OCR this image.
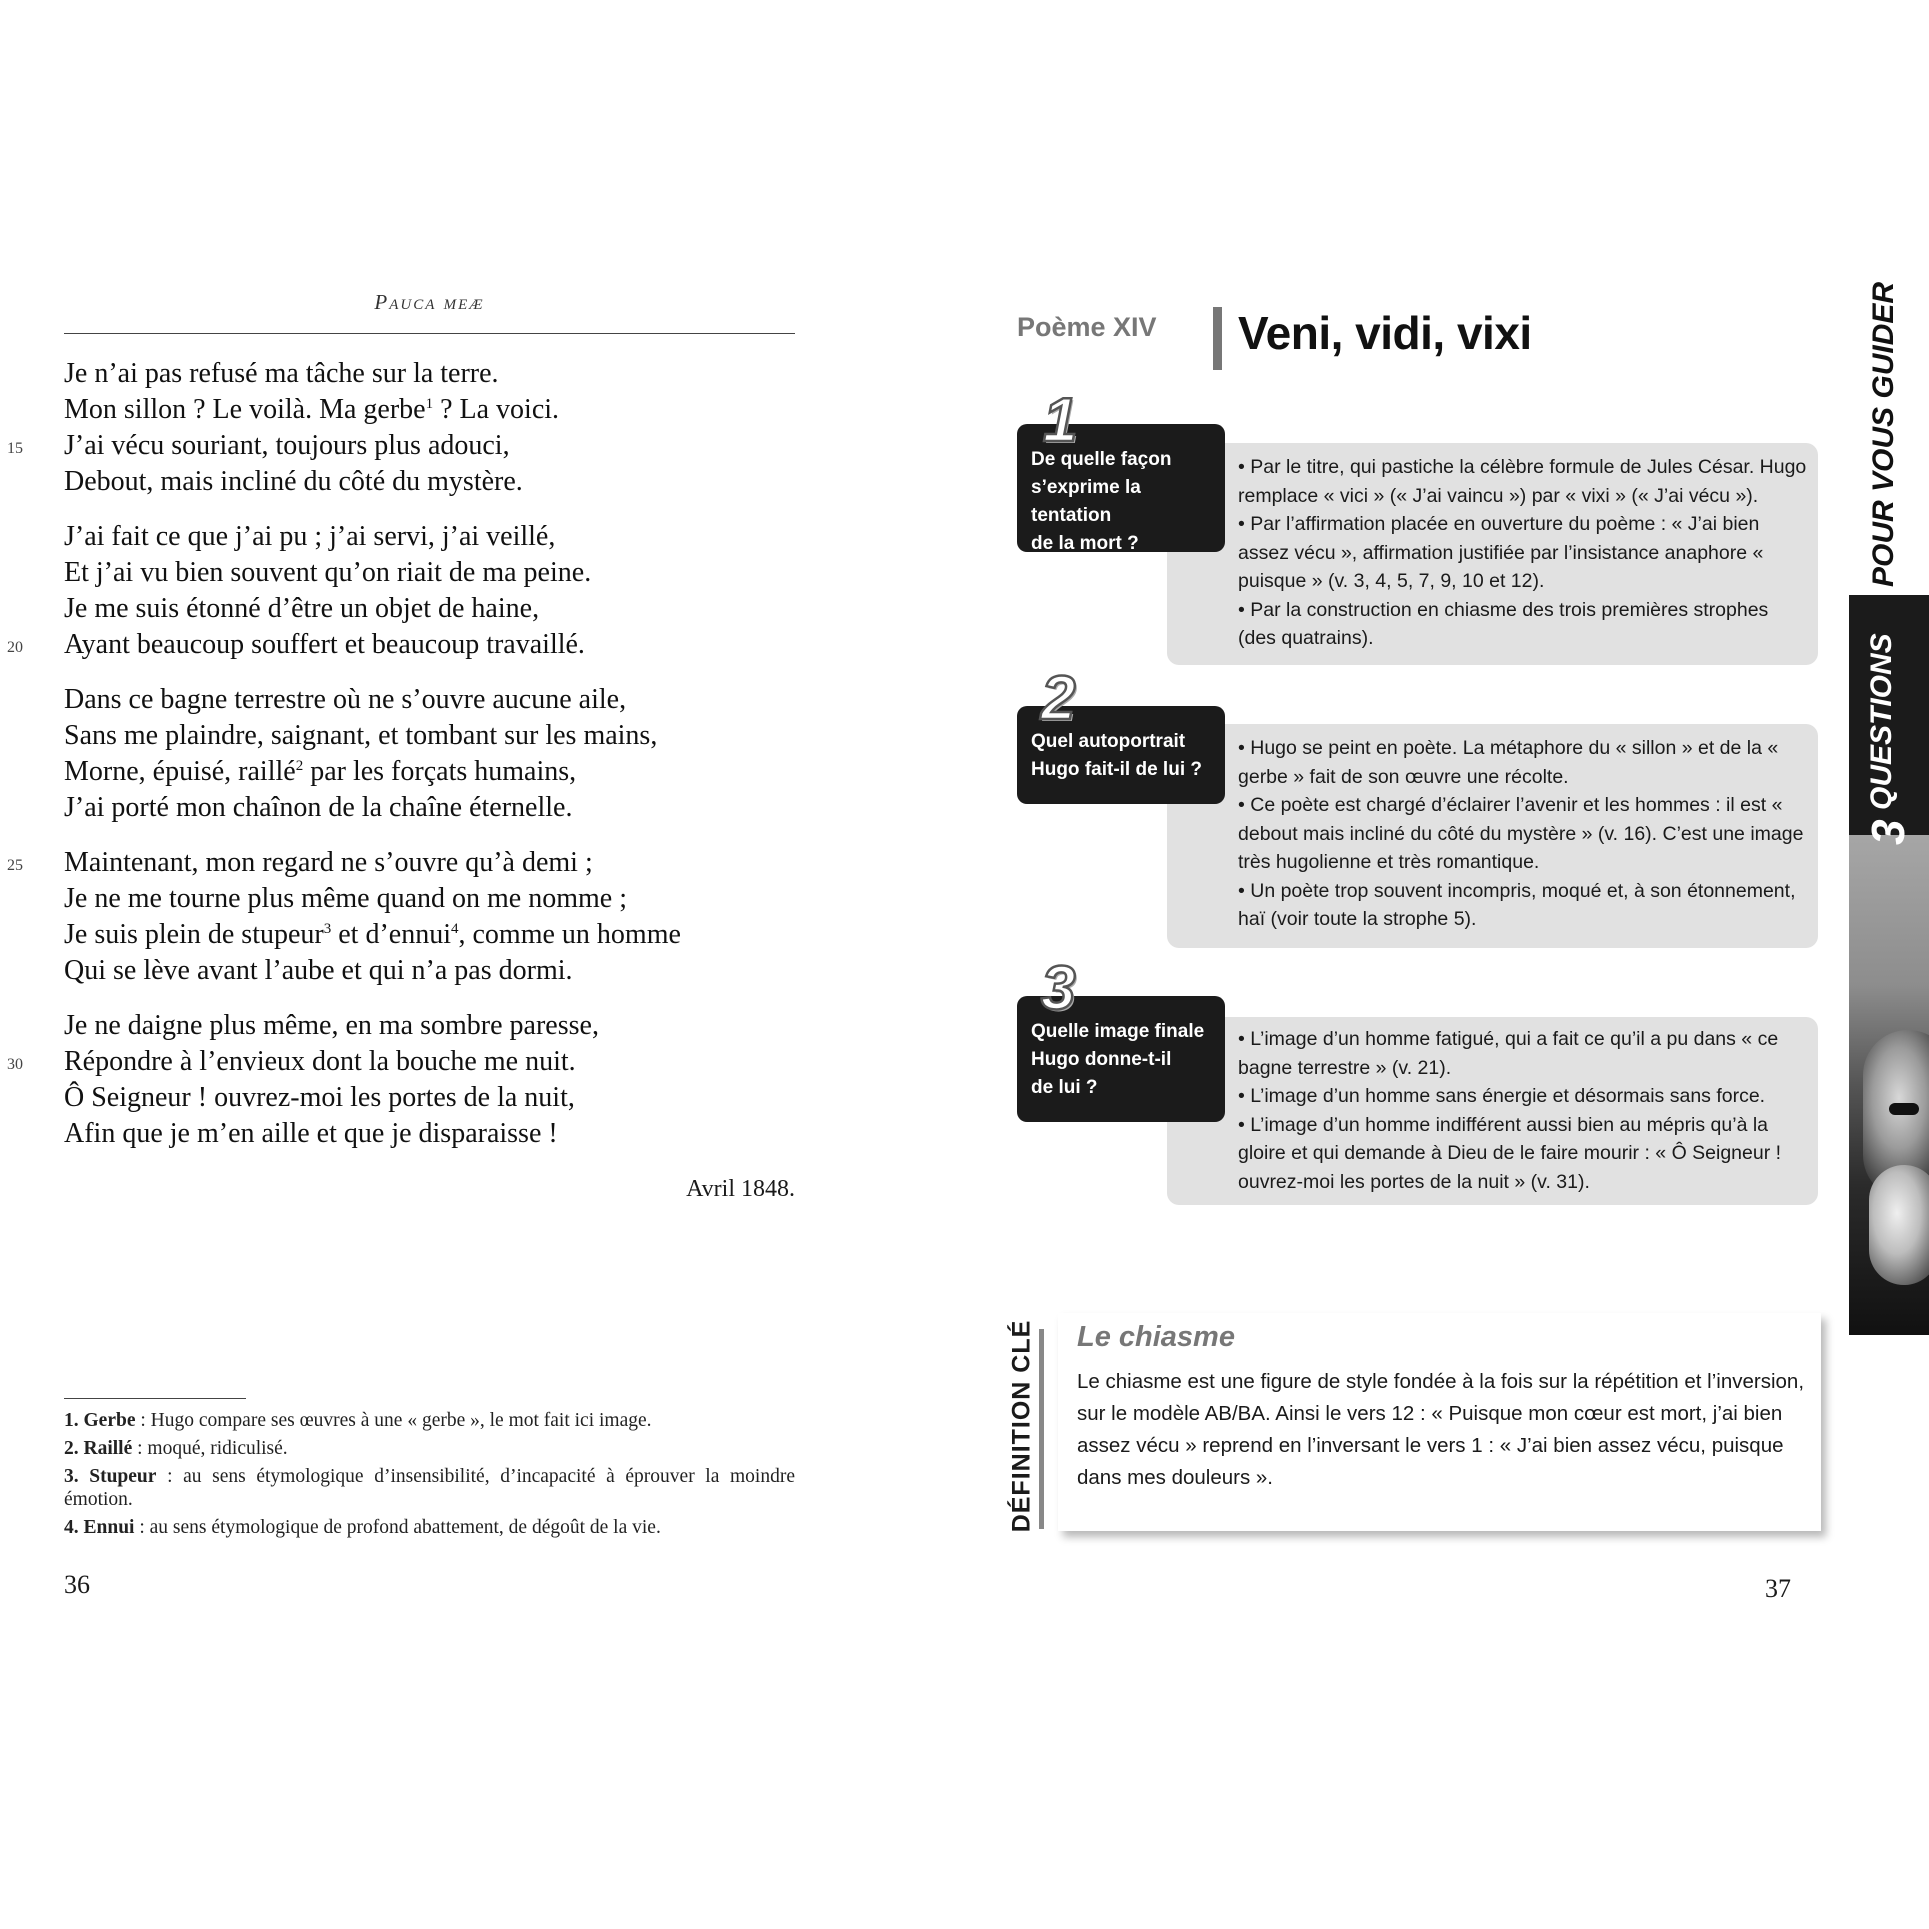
Pauca meæ
Je n’ai pas refusé ma tâche sur la terre.
Mon sillon ? Le voilà. Ma gerbe$^1$ ? La voici.
15 J’ai vécu souriant, toujours plus adouci,
Debout, mais incliné du côté du mystère.
J’ai fait ce que j’ai pu ; j’ai servi, j’ai veillé,
Et j’ai vu bien souvent qu’on riait de ma peine.
Je me suis étonné d’être un objet de haine,
20 Ayant beaucoup souffert et beaucoup travaillé.
Dans ce bagne terrestre où ne s’ouvre aucune aile,
Sans me plaindre, saignant, et tombant sur les mains,
Morne, épuisé, raillé$^2$ par les forçats humains,
J’ai porté mon chaînon de la chaîne éternelle.
25 Maintenant, mon regard ne s’ouvre qu’à demi ;
Je ne me tourne plus même quand on me nomme ;
Je suis plein de stupeur$^3$ et d’ennui$^4$, comme un homme
Qui se lève avant l’aube et qui n’a pas dormi.
Je ne daigne plus même, en ma sombre paresse,
30 Répondre à l’envieux dont la bouche me nuit.
Ô Seigneur ! ouvrez-moi les portes de la nuit,
Afin que je m’en aille et que je disparaisse !
Avril 1848.
1. Gerbe : Hugo compare ses œuvres à une « gerbe », le mot fait ici image.
2. Raillé : moqué, ridiculisé.
3. Stupeur : au sens étymologique d’insensibilité, d’incapacité à éprouver la moindre émotion.
4. Ennui : au sens étymologique de profond abattement, de dégoût de la vie.
36
Poème XIV Veni, vidi, vixi
De quelle façon
s’exprime la tentation
de la mort ?
1
• Par le titre, qui pastiche la célèbre formule de Jules César. Hugo remplace « vici » (« J’ai vaincu ») par « vixi » (« J’ai vécu »).
• Par l’affirmation placée en ouverture du poème : « J’ai bien assez vécu », affirmation justifiée par l’insistance anaphore « puisque » (v. 3, 4, 5, 7, 9, 10 et 12).
• Par la construction en chiasme des trois premières strophes (des quatrains).
Quel autoportrait
Hugo fait-il de lui ?
2
• Hugo se peint en poète. La métaphore du « sillon » et de la « gerbe » fait de son œuvre une récolte.
• Ce poète est chargé d’éclairer l’avenir et les hommes : il est « debout mais incliné du côté du mystère » (v. 16). C’est une image très hugolienne et très romantique.
• Un poète trop souvent incompris, moqué et, à son étonnement, haï (voir toute la strophe 5).
Quelle image finale
Hugo donne-t-il
de lui ?
3
• L’image d’un homme fatigué, qui a fait ce qu’il a pu dans « ce bagne terrestre » (v. 21).
• L’image d’un homme sans énergie et désormais sans force.
• L’image d’un homme indifférent aussi bien au mépris qu’à la gloire et qui demande à Dieu de le faire mourir : « Ô Seigneur ! ouvrez-moi les portes de la nuit » (v. 31).
DÉFINITION CLÉ Le chiasme
Le chiasme est une figure de style fondée à la fois sur la répétition et l’inversion, sur le modèle AB/BA. Ainsi le vers 12 : « Puisque mon cœur est mort, j’ai bien assez vécu » reprend en l’inversant le vers 1 : « J’ai bien assez vécu, puisque dans mes douleurs ».
37
POUR VOUS GUIDER
QUESTIONS
3
